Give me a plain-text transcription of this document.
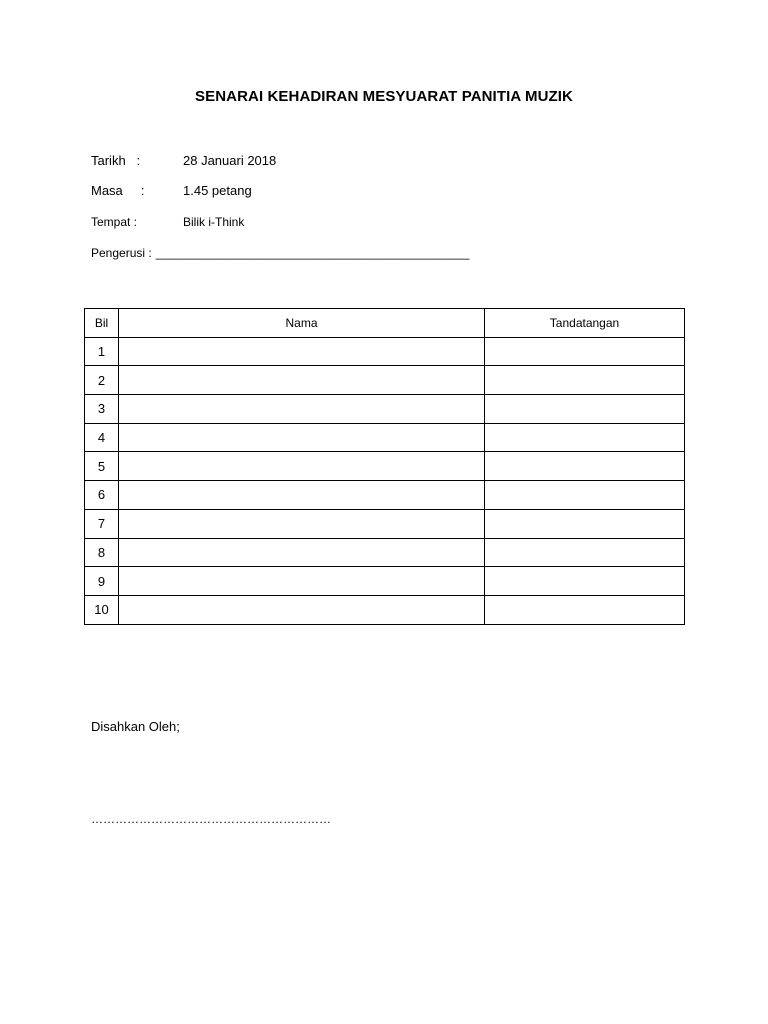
SENARAI KEHADIRAN MESYUARAT PANITIA MUZIK
Tarikh   :	28 Januari 2018
Masa     :	1.45 petang
Tempat :	Bilik i-Think
Pengerusi : _______________________________________________
Bil	Nama	Tandatangan
1		
2		
3		
4		
5		
6		
7		
8		
9		
10		
Disahkan Oleh;
……………………………………………………
